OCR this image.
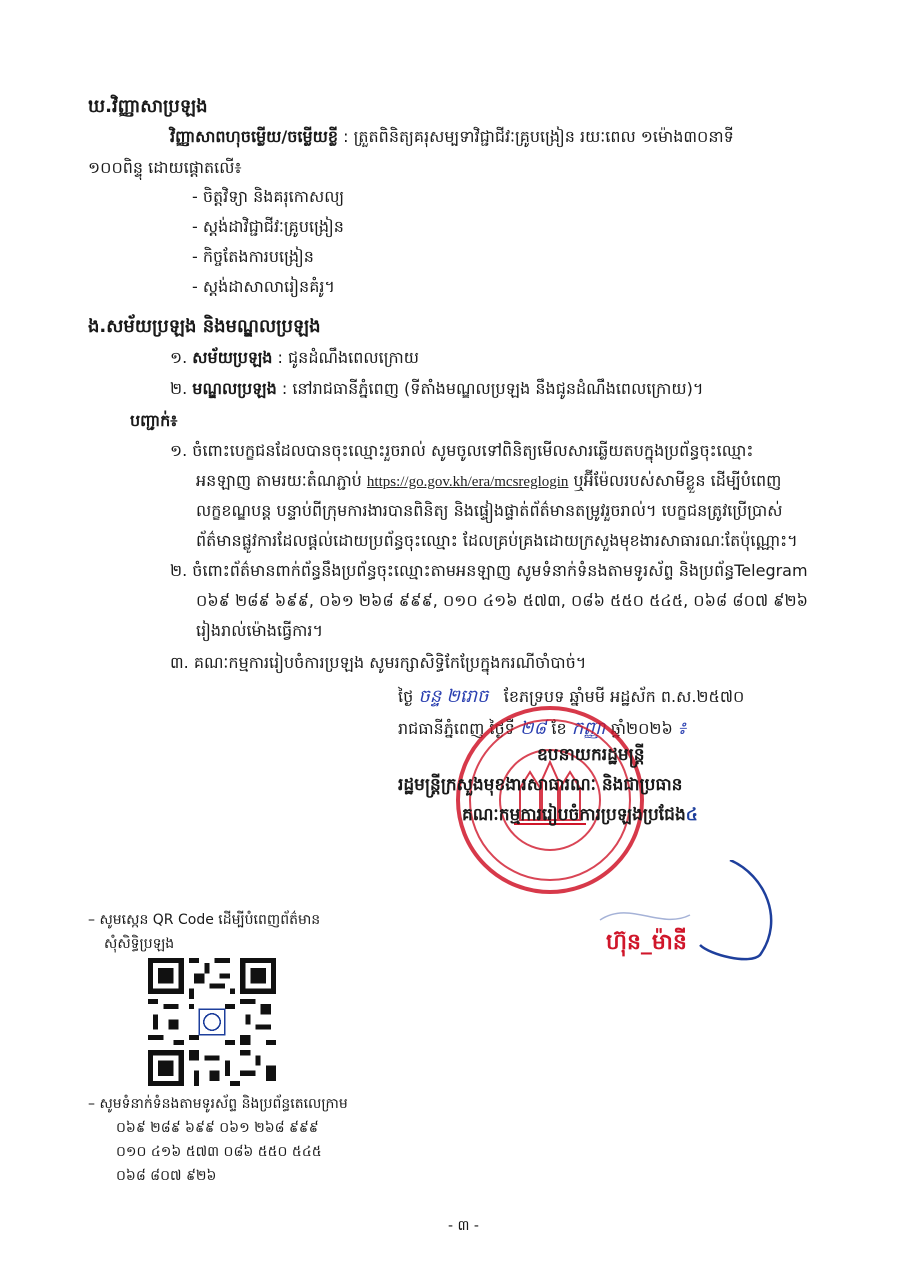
ឃ.វិញ្ញាសាប្រឡង
វិញ្ញាសាពហុចម្លើយ/ចម្លើយខ្លី : ត្រួតពិនិត្យគរុសម្បទាវិជ្ជាជីវៈគ្រូបង្រៀន រយៈពេល ១ម៉ោង៣០នាទី
១០០ពិន្ទុ ដោយផ្ដោតលើ៖
- ចិត្តវិទ្យា និងគរុកោសល្យ
- ស្តង់ដាវិជ្ជាជីវៈគ្រូបង្រៀន
- កិច្ចតែងការបង្រៀន
- ស្តង់ដាសាលារៀនគំរូ។
ង.សម័យប្រឡង និងមណ្ឌលប្រឡង
១. សម័យប្រឡង : ជូនដំណឹងពេលក្រោយ
២. មណ្ឌលប្រឡង : នៅរាជធានីភ្នំពេញ (ទីតាំងមណ្ឌលប្រឡង នឹងជូនដំណឹងពេលក្រោយ)។
បញ្ជាក់៖
១. ចំពោះបេក្ខជនដែលបានចុះឈ្មោះរួចរាល់ សូមចូលទៅពិនិត្យមើលសារឆ្លើយតបក្នុងប្រព័ន្ធចុះឈ្មោះ
អនឡាញ តាមរយៈតំណភ្ជាប់ https://go.gov.kh/era/mcsreglogin ឬអ៊ីម៉ែលរបស់សាមីខ្លួន ដើម្បីបំពេញ
លក្ខខណ្ឌបន្ត បន្ទាប់ពីក្រុមការងារបានពិនិត្យ និងផ្ទៀងផ្ទាត់ព័ត៌មានតម្រូវរួចរាល់។ បេក្ខជនត្រូវប្រើប្រាស់
ព័ត៌មានផ្លូវការដែលផ្តល់ដោយប្រព័ន្ធចុះឈ្មោះ ដែលគ្រប់គ្រងដោយក្រសួងមុខងារសាធារណៈតែប៉ុណ្ណោះ។
២. ចំពោះព័ត៌មានពាក់ព័ន្ធនឹងប្រព័ន្ធចុះឈ្មោះតាមអនឡាញ សូមទំនាក់ទំនងតាមទូរស័ព្ទ និងប្រព័ន្ធTelegram
០៦៩ ២៨៩ ៦៩៩, ០៦១ ២៦៨ ៩៩៩, ០១០ ៤១៦ ៥៧៣, ០៨៦ ៥៥០ ៥៤៥, ០៦៨ ៨០៧ ៩២៦
រៀងរាល់ម៉ោងធ្វើការ។
៣. គណៈកម្មការរៀបចំការប្រឡង សូមរក្សាសិទ្ធិកែប្រែក្នុងករណីចាំបាច់។
ថ្ងៃ ចន្ទ ២រោច ខែភទ្របទ ឆ្នាំមមី អដ្ឋស័ក ព.ស.២៥៧០
រាជធានីភ្នំពេញ ថ្ងៃទី ២៨ ខែ កញ្ញា ឆ្នាំ២០២៦ ៖
ឧបនាយករដ្ឋមន្ត្រី
រដ្ឋមន្ត្រីក្រសួងមុខងារសាធារណៈ និងជាប្រធាន
គណៈកម្មការរៀបចំការប្រឡងប្រជែង៤
ហ៊ុន_ម៉ានី
– សូមស្កេន QR Code ដើម្បីបំពេញព័ត៌មាន
សុំសិទ្ធិប្រឡង
– សូមទំនាក់ទំនងតាមទូរស័ព្ទ និងប្រព័ន្ធតេលេក្រាម
០៦៩ ២៨៩ ៦៩៩ ០៦១ ២៦៨ ៩៩៩
០១០ ៤១៦ ៥៧៣ ០៨៦ ៥៥០ ៥៤៥
០៦៨ ៨០៧ ៩២៦
- ៣ -
